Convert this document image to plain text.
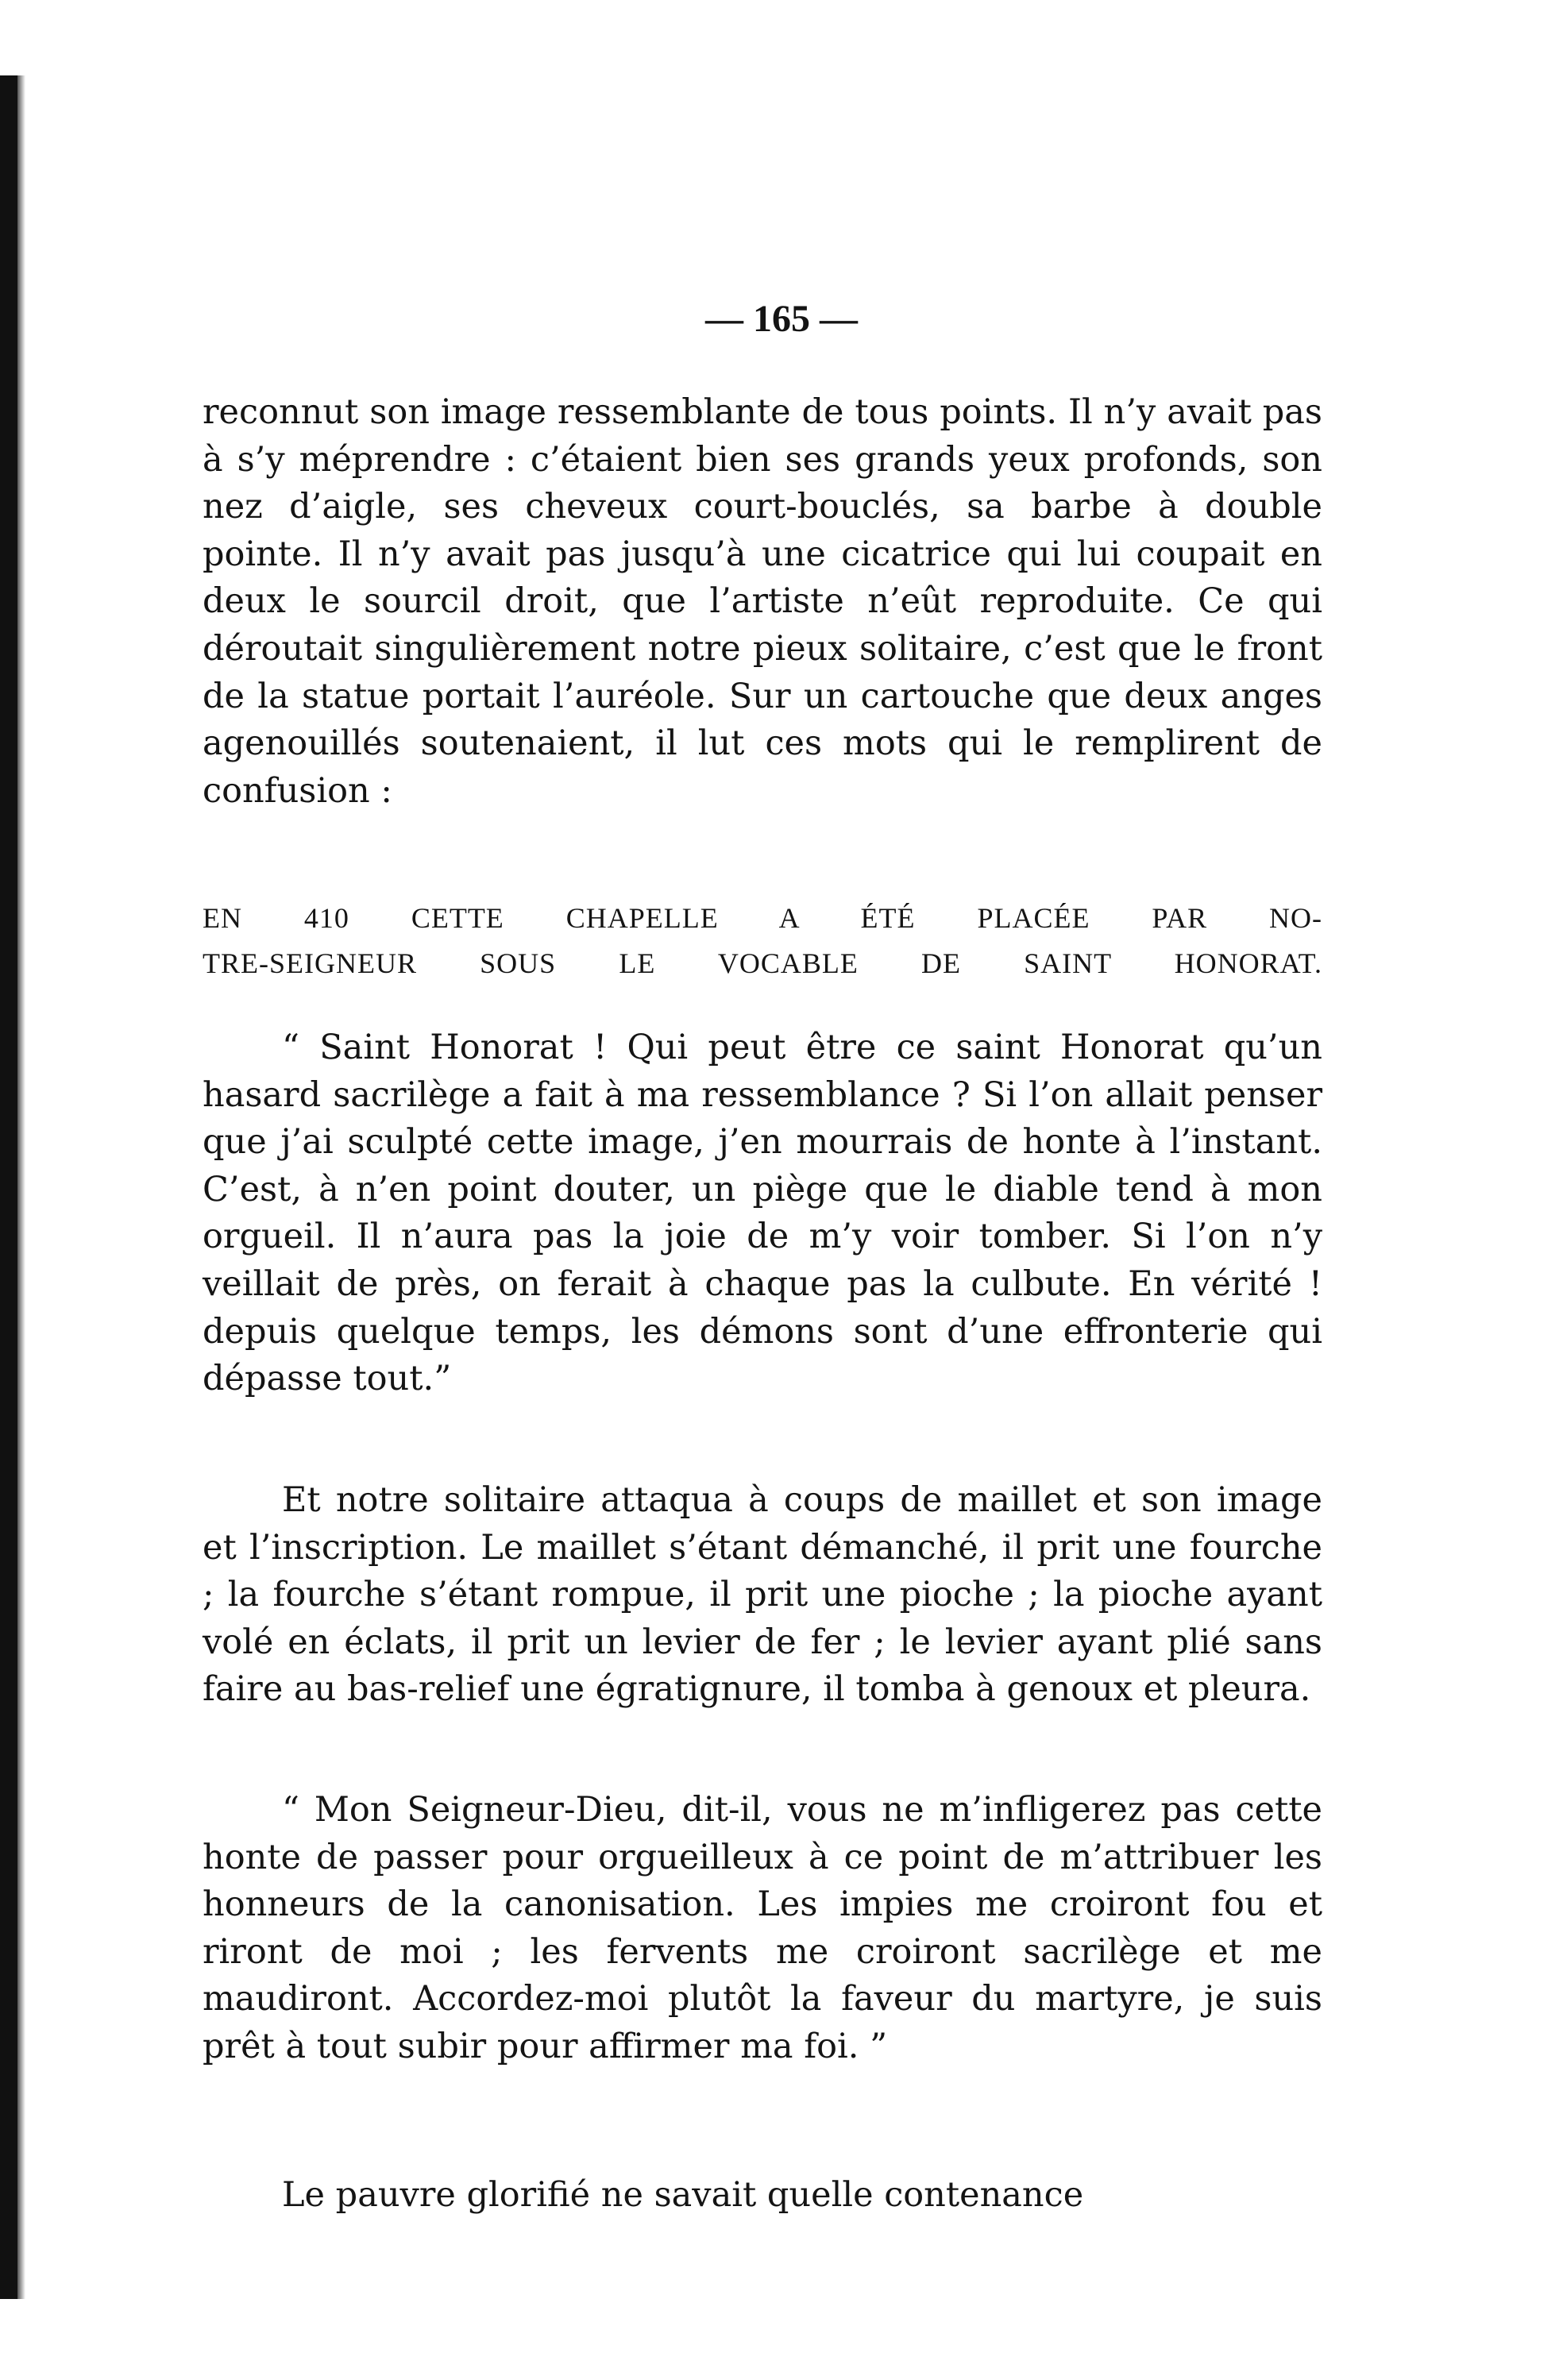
— 165 —

reconnut son image ressemblante de tous points. Il n’y avait pas à s’y méprendre : c’étaient bien ses grands yeux profonds, son nez d’aigle, ses cheveux court-bouclés, sa barbe à double pointe. Il n’y avait pas jusqu’à une cicatrice qui lui coupait en deux le sourcil droit, que l’artiste n’eût reproduite. Ce qui déroutait singulièrement notre pieux solitaire, c’est que le front de la statue portait l’auréole. Sur un cartouche que deux anges agenouillés soutenaient, il lut ces mots qui le remplirent de confusion :

EN 410 CETTE CHAPELLE A ÉTÉ PLACÉE PAR NO-
TRE-SEIGNEUR SOUS LE VOCABLE DE SAINT HONORAT.

“ Saint Honorat ! Qui peut être ce saint Honorat qu’un hasard sacrilège a fait à ma ressemblance ? Si l’on allait penser que j’ai sculpté cette image, j’en mourrais de honte à l’instant. C’est, à n’en point douter, un piège que le diable tend à mon orgueil. Il n’aura pas la joie de m’y voir tomber. Si l’on n’y veillait de près, on ferait à chaque pas la culbute. En vérité ! depuis quelque temps, les démons sont d’une effronterie qui dépasse tout.”

Et notre solitaire attaqua à coups de maillet et son image et l’inscription. Le maillet s’étant démanché, il prit une fourche ; la fourche s’étant rompue, il prit une pioche ; la pioche ayant volé en éclats, il prit un levier de fer ; le levier ayant plié sans faire au bas-relief une égratignure, il tomba à genoux et pleura.

“ Mon Seigneur-Dieu, dit-il, vous ne m’infligerez pas cette honte de passer pour orgueilleux à ce point de m’attribuer les honneurs de la canonisation. Les impies me croiront fou et riront de moi ; les fervents me croiront sacrilège et me maudiront. Accordez-moi plutôt la faveur du martyre, je suis prêt à tout subir pour affirmer ma foi. ”

Le pauvre glorifié ne savait quelle contenance
